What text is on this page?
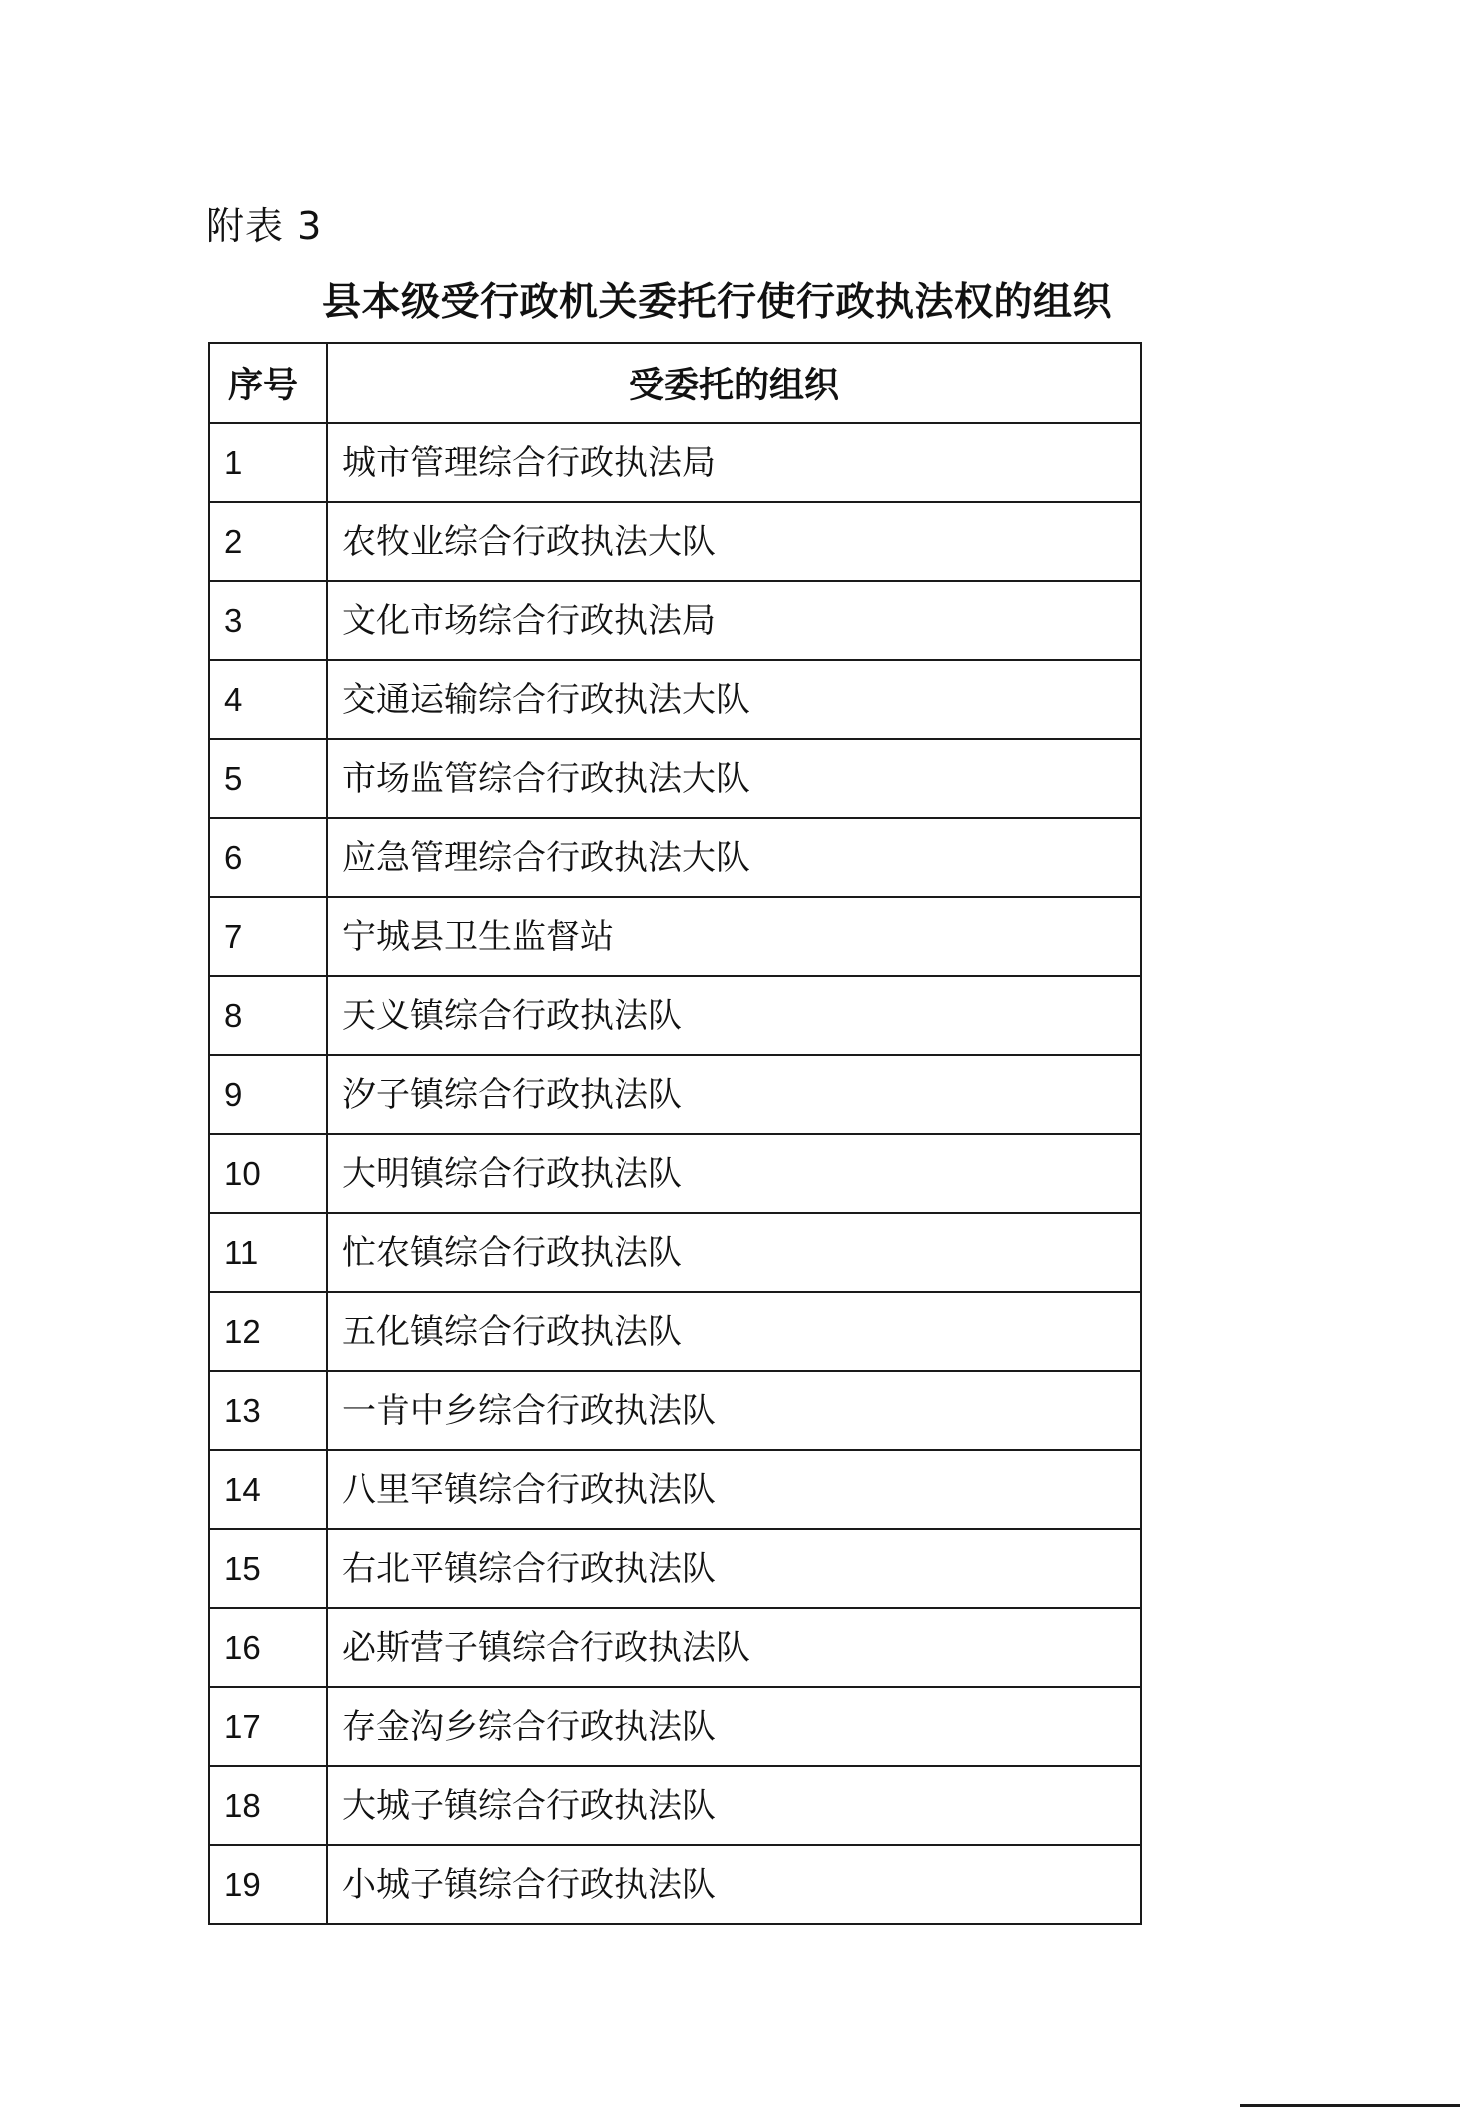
附表 3
县本级受行政机关委托行使行政执法权的组织
序号	受委托的组织
1	城市管理综合行政执法局
2	农牧业综合行政执法大队
3	文化市场综合行政执法局
4	交通运输综合行政执法大队
5	市场监管综合行政执法大队
6	应急管理综合行政执法大队
7	宁城县卫生监督站
8	天义镇综合行政执法队
9	汐子镇综合行政执法队
10	大明镇综合行政执法队
11	忙农镇综合行政执法队
12	五化镇综合行政执法队
13	一肯中乡综合行政执法队
14	八里罕镇综合行政执法队
15	右北平镇综合行政执法队
16	必斯营子镇综合行政执法队
17	存金沟乡综合行政执法队
18	大城子镇综合行政执法队
19	小城子镇综合行政执法队
